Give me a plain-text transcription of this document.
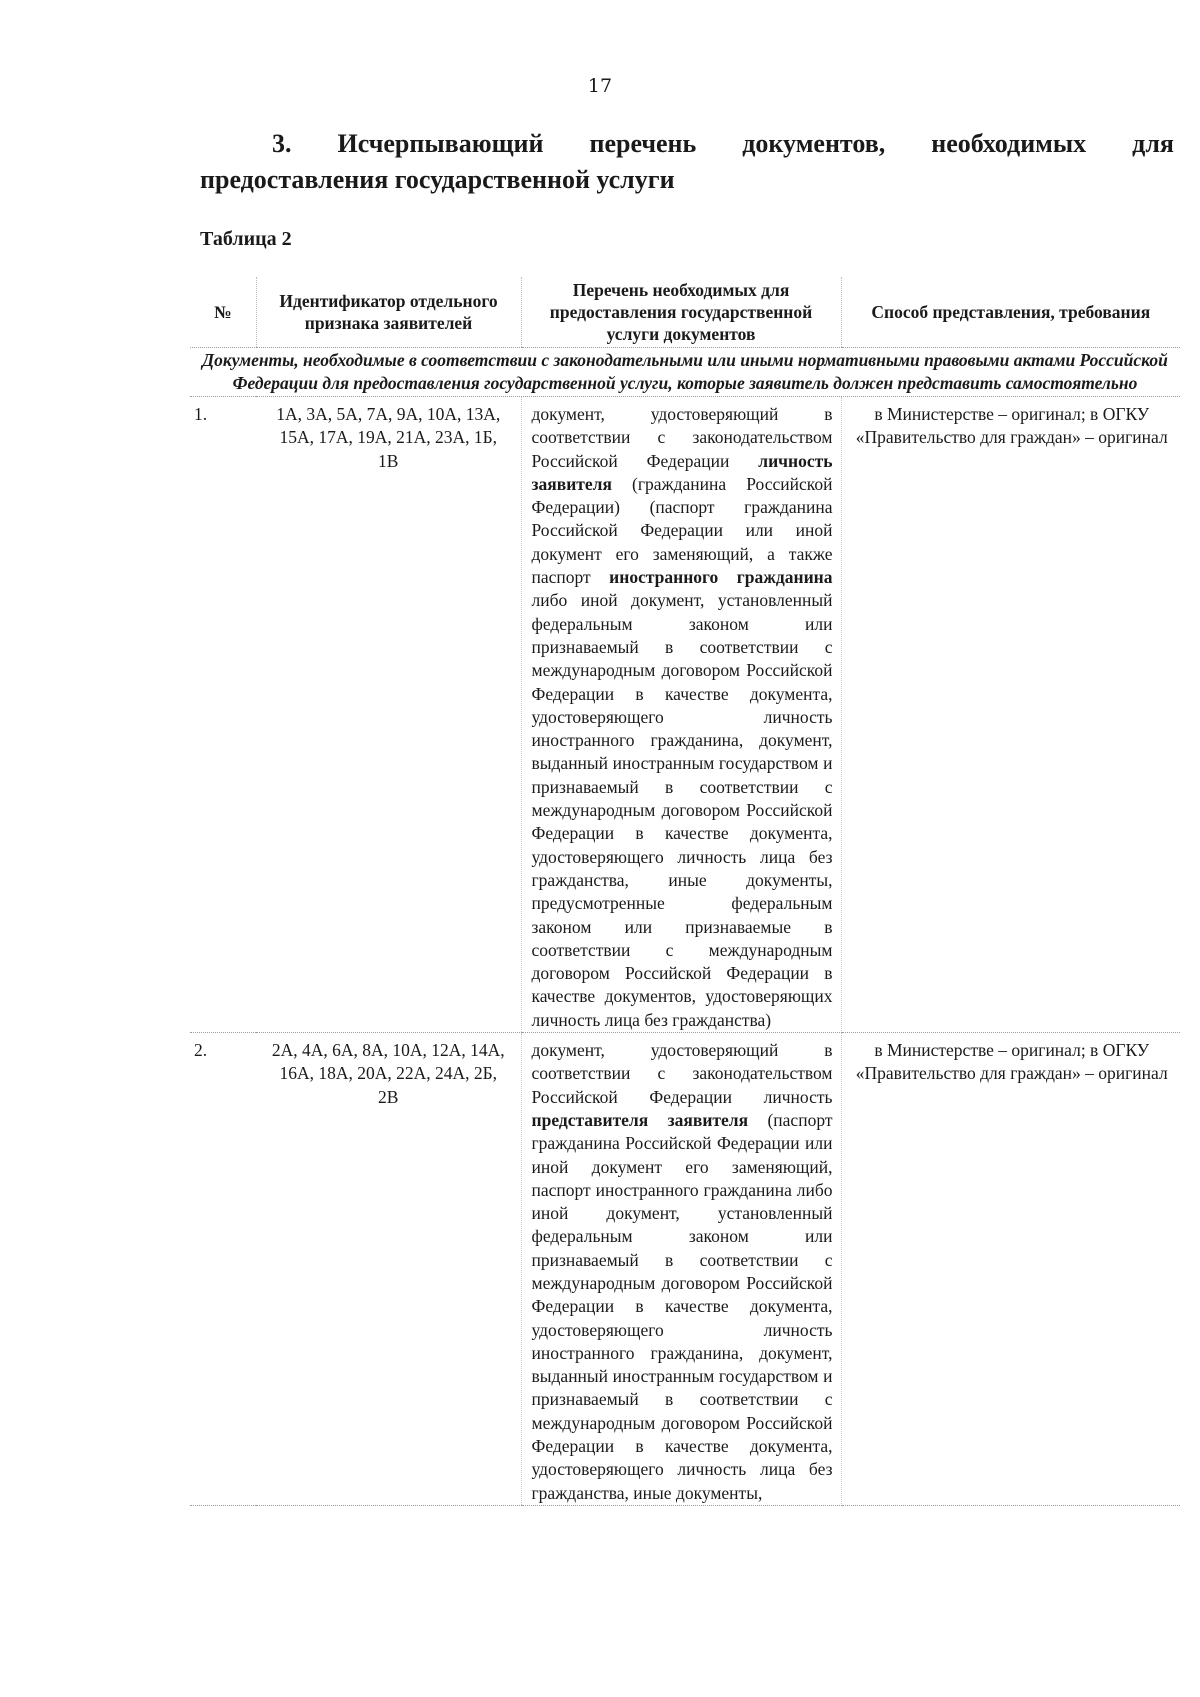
17
3. Исчерпывающий перечень документов, необходимых для
предоставления государственной услуги
Таблица 2
№	Идентификатор отдельного признака заявителей	Перечень необходимых для предоставления государственной услуги документов	Способ представления, требования
Документы, необходимые в соответствии с законодательными или иными нормативными правовыми актами Российской Федерации для предоставления государственной услуги, которые заявитель должен представить самостоятельно			
1.	1А, 3А, 5А, 7А, 9А, 10А, 13А, 15А, 17А, 19А, 21А, 23А, 1Б, 1В	документ, удостоверяющий в соответствии с законодательством Российской Федерации личность заявителя (гражданина Российской Федерации) (паспорт гражданина Российской Федерации или иной документ его заменяющий, а также паспорт иностранного гражданина либо иной документ, установленный федеральным законом или признаваемый в соответствии с международным договором Российской Федерации в качестве документа, удостоверяющего личность иностранного гражданина, документ, выданный иностранным государством и признаваемый в соответствии с международным договором Российской Федерации в качестве документа, удостоверяющего личность лица без гражданства, иные документы, предусмотренные федеральным законом или признаваемые в соответствии с международным договором Российской Федерации в качестве документов, удостоверяющих личность лица без гражданства)	в Министерстве – оригинал; в ОГКУ «Правительство для граждан» – оригинал
2.	2А, 4А, 6А, 8А, 10А, 12А, 14А, 16А, 18А, 20А, 22А, 24А, 2Б, 2В	документ, удостоверяющий в соответствии с законодательством Российской Федерации личность представителя заявителя (паспорт гражданина Российской Федерации или иной документ его заменяющий, паспорт иностранного гражданина либо иной документ, установленный федеральным законом или признаваемый в соответствии с международным договором Российской Федерации в качестве документа, удостоверяющего личность иностранного гражданина, документ, выданный иностранным государством и признаваемый в соответствии с международным договором Российской Федерации в качестве документа, удостоверяющего личность лица без гражданства, иные документы,	в Министерстве – оригинал; в ОГКУ «Правительство для граждан» – оригинал
